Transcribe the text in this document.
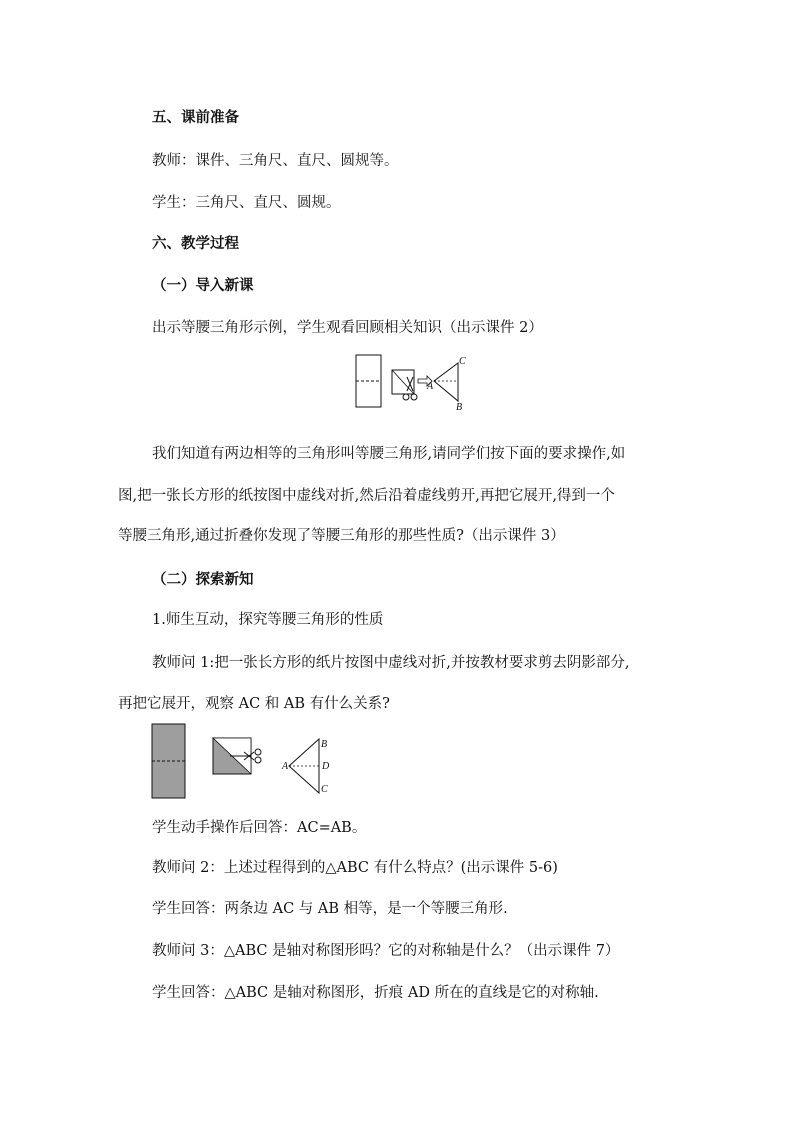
五、课前准备
教师：课件、三角尺、直尺、圆规等。
学生：三角尺、直尺、圆规。
六、教学过程
（一）导入新课
出示等腰三角形示例，学生观看回顾相关知识（出示课件 2）
C
A
B
我们知道有两边相等的三角形叫等腰三角形,请同学们按下面的要求操作,如
图,把一张长方形的纸按图中虚线对折,然后沿着虚线剪开,再把它展开,得到一个
等腰三角形,通过折叠你发现了等腰三角形的那些性质?（出示课件 3）
（二）探索新知
1.师生互动，探究等腰三角形的性质
教师问 1:把一张长方形的纸片按图中虚线对折,并按教材要求剪去阴影部分,
再把它展开，观察 AC 和 AB 有什么关系?
A
B
D
C
学生动手操作后回答：AC=AB。
教师问 2：上述过程得到的△ABC 有什么特点？(出示课件 5-6)
学生回答：两条边 AC 与 AB 相等，是一个等腰三角形.
教师问 3：△ABC 是轴对称图形吗？它的对称轴是什么？（出示课件 7）
学生回答：△ABC 是轴对称图形，折痕 AD 所在的直线是它的对称轴.
